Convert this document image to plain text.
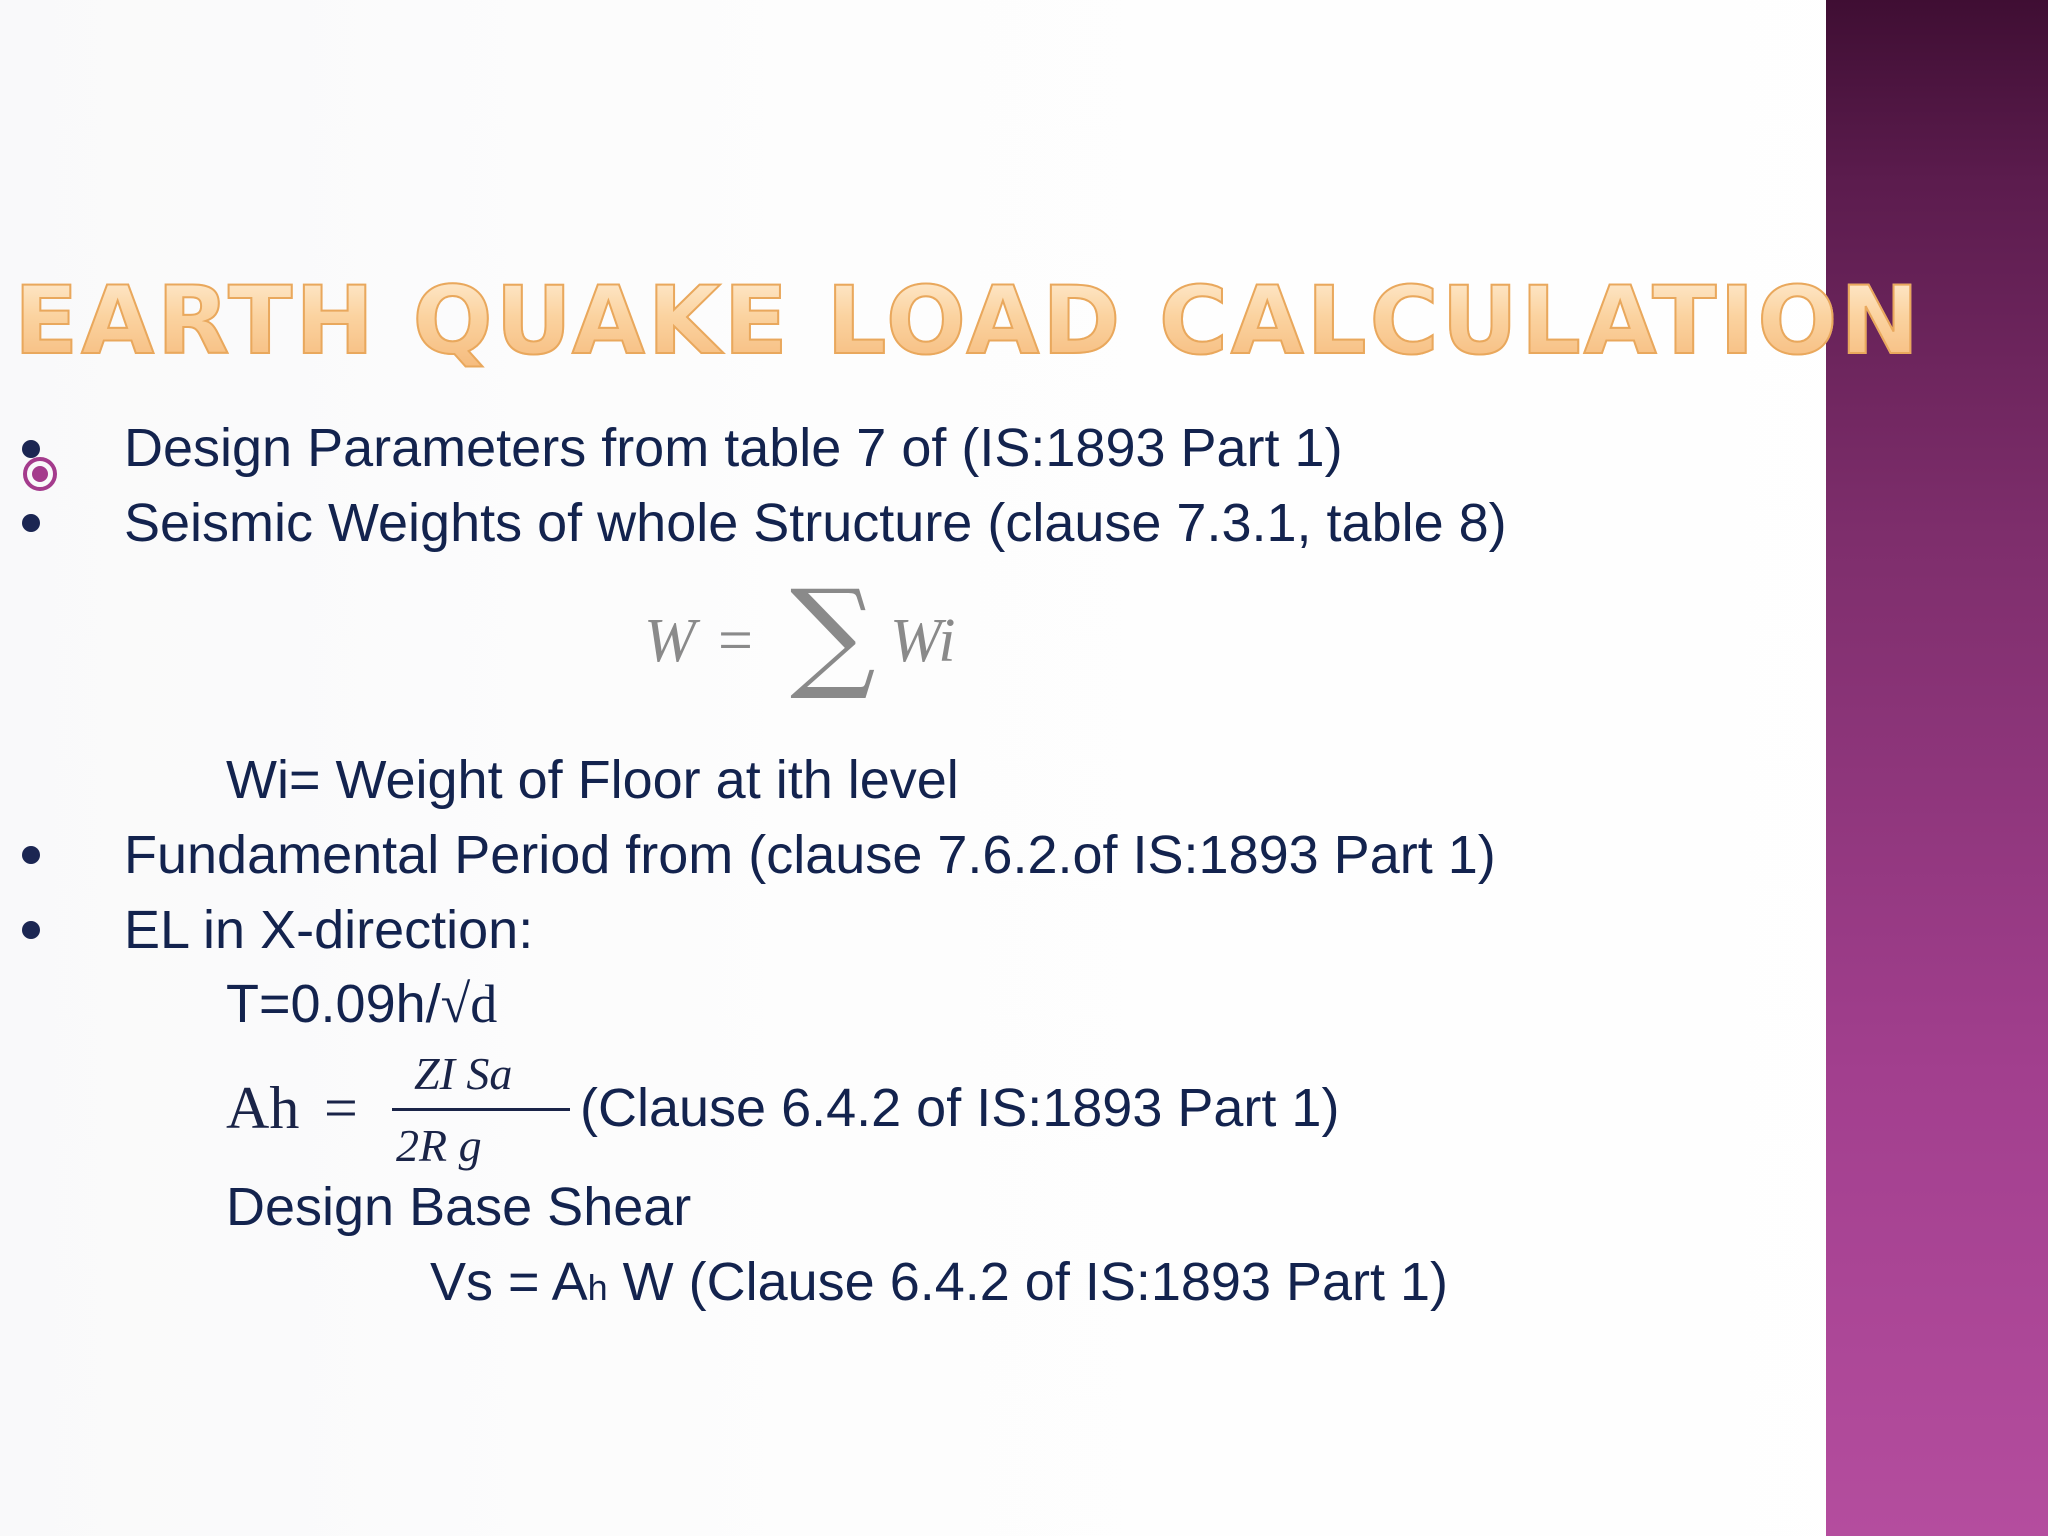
EARTH QUAKE LOAD CALCULATION
Design Parameters from table 7 of (IS:1893 Part 1)
Seismic Weights of whole Structure (clause 7.3.1, table 8)
W = ∑ Wi
Wi= Weight of Floor at ith level
Fundamental Period from (clause 7.6.2.of IS:1893 Part 1)
EL in X-direction:
T=0.09h/√d
Ah =
ZI Sa
2R g
(Clause 6.4.2 of IS:1893 Part 1)
Design Base Shear
Vs = Ah W (Clause 6.4.2 of IS:1893 Part 1)
